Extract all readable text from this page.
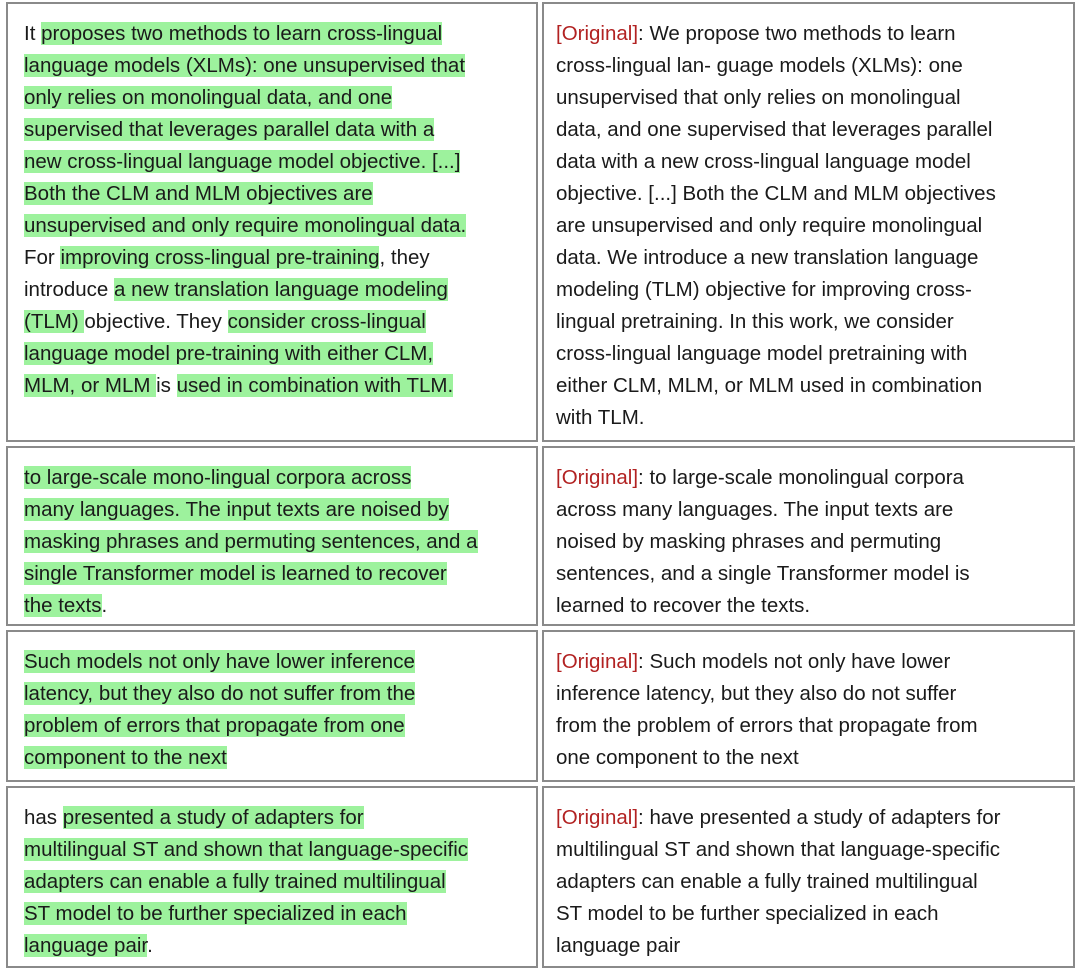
It proposes two methods to learn cross-lingual
language models (XLMs): one unsupervised that
only relies on monolingual data, and one
supervised that leverages parallel data with a
new cross-lingual language model objective. [...]
Both the CLM and MLM objectives are
unsupervised and only require monolingual data.
For improving cross-lingual pre-training, they
introduce a new translation language modeling
(TLM) objective. They consider cross-lingual
language model pre-training with either CLM,
MLM, or MLM is used in combination with TLM.
[Original]: We propose two methods to learn
cross-lingual lan- guage models (XLMs): one
unsupervised that only relies on monolingual
data, and one supervised that leverages parallel
data with a new cross-lingual language model
objective. [...] Both the CLM and MLM objectives
are unsupervised and only require monolingual
data. We introduce a new translation language
modeling (TLM) objective for improving cross-
lingual pretraining. In this work, we consider
cross-lingual language model pretraining with
either CLM, MLM, or MLM used in combination
with TLM.
to large-scale mono-lingual corpora across
many languages. The input texts are noised by
masking phrases and permuting sentences, and a
single Transformer model is learned to recover
the texts.
[Original]: to large-scale monolingual corpora
across many languages. The input texts are
noised by masking phrases and permuting
sentences, and a single Transformer model is
learned to recover the texts.
Such models not only have lower inference
latency, but they also do not suffer from the
problem of errors that propagate from one
component to the next
[Original]: Such models not only have lower
inference latency, but they also do not suffer
from the problem of errors that propagate from
one component to the next
has presented a study of adapters for
multilingual ST and shown that language-specific
adapters can enable a fully trained multilingual
ST model to be further specialized in each
language pair.
[Original]: have presented a study of adapters for
multilingual ST and shown that language-specific
adapters can enable a fully trained multilingual
ST model to be further specialized in each
language pair
